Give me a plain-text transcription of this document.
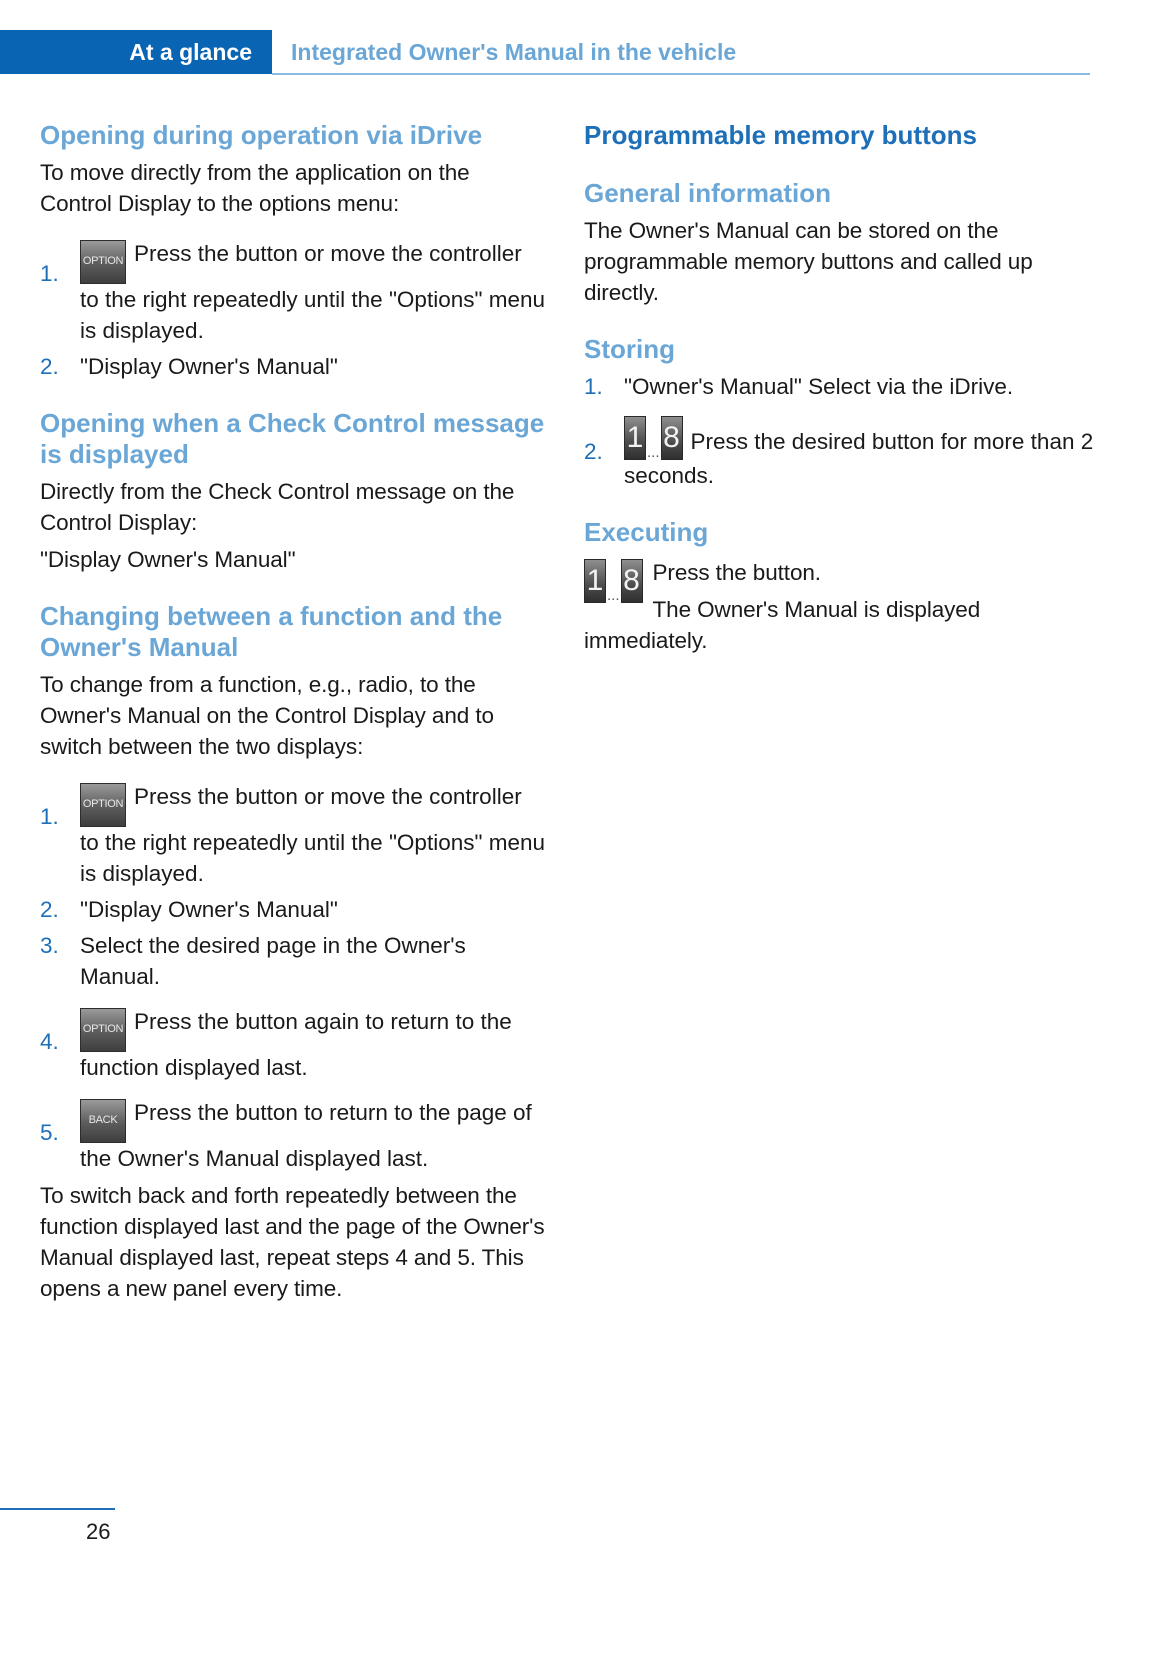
At a glance	Integrated Owner's Manual in the vehicle
Opening during operation via iDrive

To move directly from the application on the Control Display to the options menu:

1. OPTION Press the button or move the controller to the right repeatedly until the "Options" menu is displayed.
2. "Display Owner's Manual"
Opening when a Check Control message is displayed

Directly from the Check Control message on the Control Display:

"Display Owner's Manual"

Changing between a function and the Owner's Manual

To change from a function, e.g., radio, to the Owner's Manual on the Control Display and to switch between the two displays:

1. OPTION Press the button or move the controller to the right repeatedly until the "Options" menu is displayed.
2. "Display Owner's Manual"
3. Select the desired page in the Owner's Manual.
4. OPTION Press the button again to return to the function displayed last.
5.	BACK Press the button to return to the page of the Owner's Manual displayed last.

To switch back and forth repeatedly between the function displayed last and the page of the Owner's Manual displayed last, repeat steps 4 and 5. This opens a new panel every time.

Programmable memory buttons
General information

The Owner's Manual can be stored on the programmable memory buttons and called up directly.

Storing
1. "Owner's Manual" Select via the iDrive.
2. 1 ... 8 Press the desired button for more than 2 seconds.
Executing
1 ... 8 Press the button.

The Owner's Manual is displayed immediately.

26
